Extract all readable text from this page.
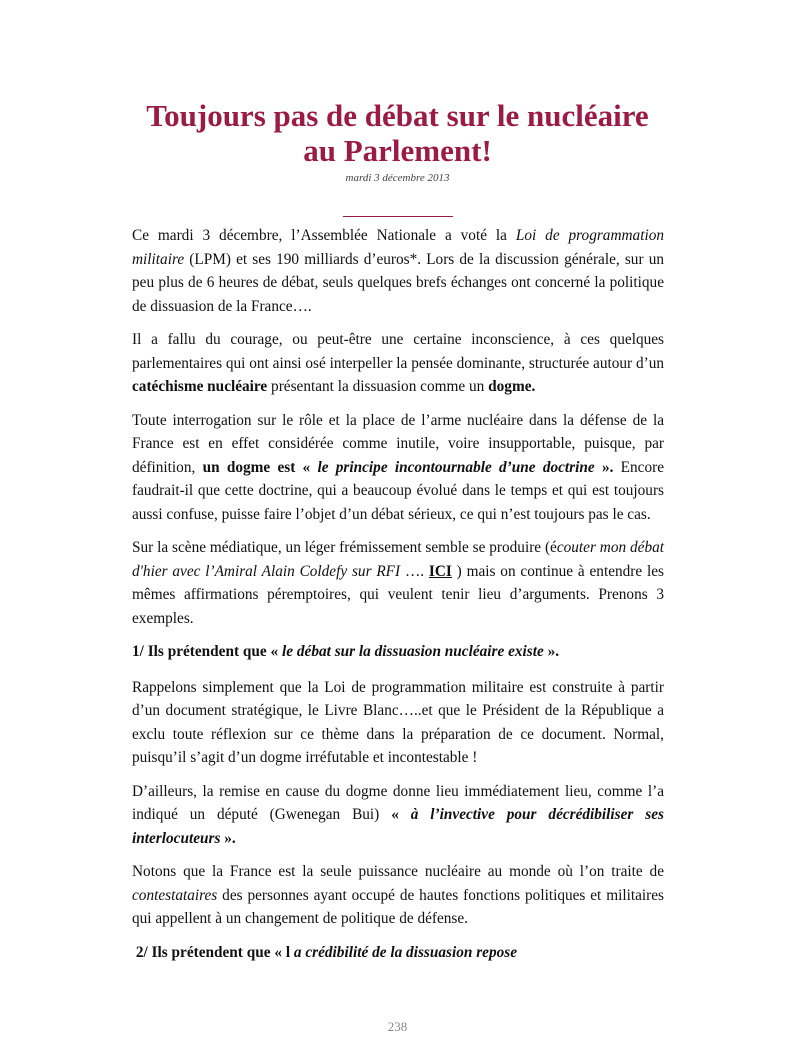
Toujours pas de débat sur le nucléaire
au Parlement!
mardi 3 décembre 2013

Ce mardi 3 décembre, l’Assemblée Nationale a voté la Loi de programmation militaire (LPM) et ses 190 milliards d’euros*. Lors de la discussion générale, sur un peu plus de 6 heures de débat, seuls quelques brefs échanges ont concerné la politique de dissuasion de la France….

Il a fallu du courage, ou peut-être une certaine inconscience, à ces quelques parlementaires qui ont ainsi osé interpeller la pensée dominante, structurée autour d’un catéchisme nucléaire présentant la dissuasion comme un dogme.

Toute interrogation sur le rôle et la place de l’arme nucléaire dans la défense de la France est en effet considérée comme inutile, voire insupportable, puisque, par définition, un dogme est « le principe incontournable d’une doctrine ». Encore faudrait-il que cette doctrine, qui a beaucoup évolué dans le temps et qui est toujours aussi confuse, puisse faire l’objet d’un débat sérieux, ce qui n’est toujours pas le cas.

Sur la scène médiatique, un léger frémissement semble se produire (écouter mon débat d'hier avec l’Amiral Alain Coldefy sur RFI …. ICI ) mais on continue à entendre les mêmes affirmations péremptoires, qui veulent tenir lieu d’arguments. Prenons 3 exemples.

1/ Ils prétendent que « le débat sur la dissuasion nucléaire existe ».

Rappelons simplement que la Loi de programmation militaire est construite à partir d’un document stratégique, le Livre Blanc…..et que le Président de la République a exclu toute réflexion sur ce thème dans la préparation de ce document. Normal, puisqu’il s’agit d’un dogme irréfutable et incontestable !

D’ailleurs, la remise en cause du dogme donne lieu immédiatement lieu, comme l’a indiqué un député (Gwenegan Bui) « à l’invective pour décrédibiliser ses interlocuteurs ».

Notons que la France est la seule puissance nucléaire au monde où l’on traite de contestataires des personnes ayant occupé de hautes fonctions politiques et militaires qui appellent à un changement de politique de défense.

2/ Ils prétendent que « l a crédibilité de la dissuasion repose

238
